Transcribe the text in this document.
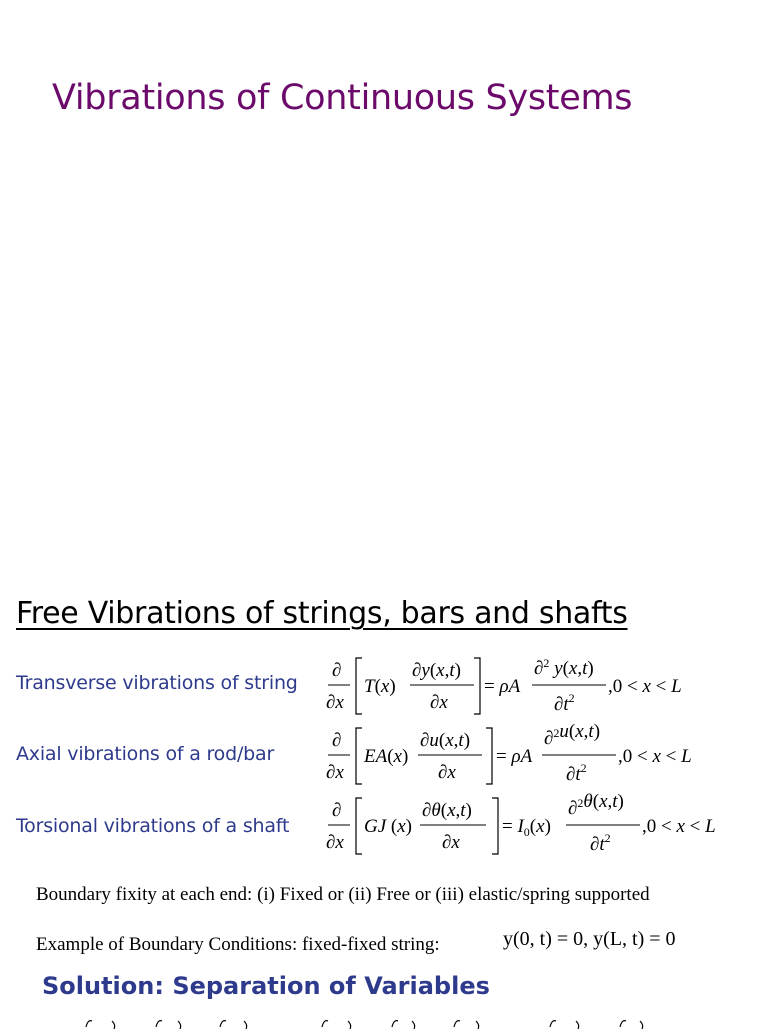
Vibrations of Continuous Systems
Free Vibrations of strings, bars and shafts
Transverse vibrations of string
∂
∂x
T(x)
∂y(x,t)
∂x
= ρA
∂$^2$ y(x,t)
$\partial t^2$
,0 < x < L
Axial vibrations of a rod/bar
∂
∂x
EA(x)
∂u(x,t)
∂x
= ρA
∂$^2$u(x,t)
$\partial t^2$
,0 < x < L
Torsional vibrations of a shaft
∂
∂x
GJ (x)
∂θ(x,t)
∂x
= $I_0(x)$
∂$^2$θ(x,t)
$\partial t^2$
,0 < x < L
Boundary fixity at each end: (i) Fixed or (ii) Free or (iii) elastic/spring supported
Example of Boundary Conditions: fixed-fixed string:	y(0, t) = 0, y(L, t) = 0
Solution: Separation of Variables
